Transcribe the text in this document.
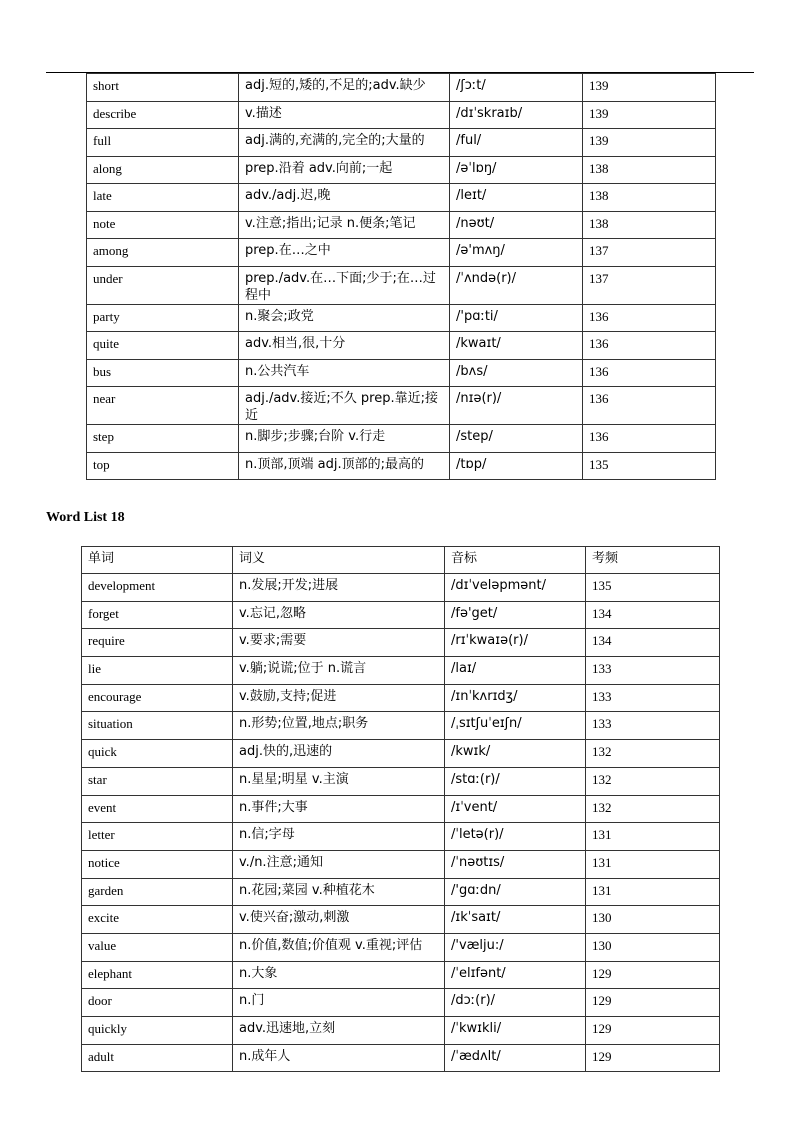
short	adj.短的,矮的,不足的;adv.缺少	/ʃɔːt/	139
describe	v.描述	/dɪˈskraɪb/	139
full	adj.满的,充满的,完全的;大量的	/ful/	139
along	prep.沿着 adv.向前;一起	/əˈlɒŋ/	138
late	adv./adj.迟,晚	/leɪt/	138
note	v.注意;指出;记录 n.便条;笔记	/nəʊt/	138
among	prep.在…之中	/ə'mʌŋ/	137
under	prep./adv.在…下面;少于;在…过程中	/ˈʌndə(r)/	137
party	n.聚会;政党	/'pɑːti/	136
quite	adv.相当,很,十分	/kwaɪt/	136
bus	n.公共汽车	/bʌs/	136
near	adj./adv.接近;不久 prep.靠近;接近	/nɪə(r)/	136
step	n.脚步;步骤;台阶 v.行走	/step/	136
top	n.顶部,顶端 adj.顶部的;最高的	/tɒp/	135
Word List 18
单词	词义	音标	考频
development	n.发展;开发;进展	/dɪˈveləpmənt/	135
forget	v.忘记,忽略	/fə'get/	134
require	v.要求;需要	/rɪˈkwaɪə(r)/	134
lie	v.躺;说谎;位于 n.谎言	/laɪ/	133
encourage	v.鼓励,支持;促进	/ɪnˈkʌrɪdʒ/	133
situation	n.形势;位置,地点;职务	/ˌsɪtʃuˈeɪʃn/	133
quick	adj.快的,迅速的	/kwɪk/	132
star	n.星星;明星 v.主演	/stɑː(r)/	132
event	n.事件;大事	/ɪˈvent/	132
letter	n.信;字母	/ˈletə(r)/	131
notice	v./n.注意;通知	/ˈnəʊtɪs/	131
garden	n.花园;菜园 v.种植花木	/'gɑːdn/	131
excite	v.使兴奋;激动,刺激	/ɪkˈsaɪt/	130
value	n.价值,数值;价值观 v.重视;评估	/'vælju:/	130
elephant	n.大象	/ˈelɪfənt/	129
door	n.门	/dɔː(r)/	129
quickly	adv.迅速地,立刻	/ˈkwɪkli/	129
adult	n.成年人	/ˈædʌlt/	129
